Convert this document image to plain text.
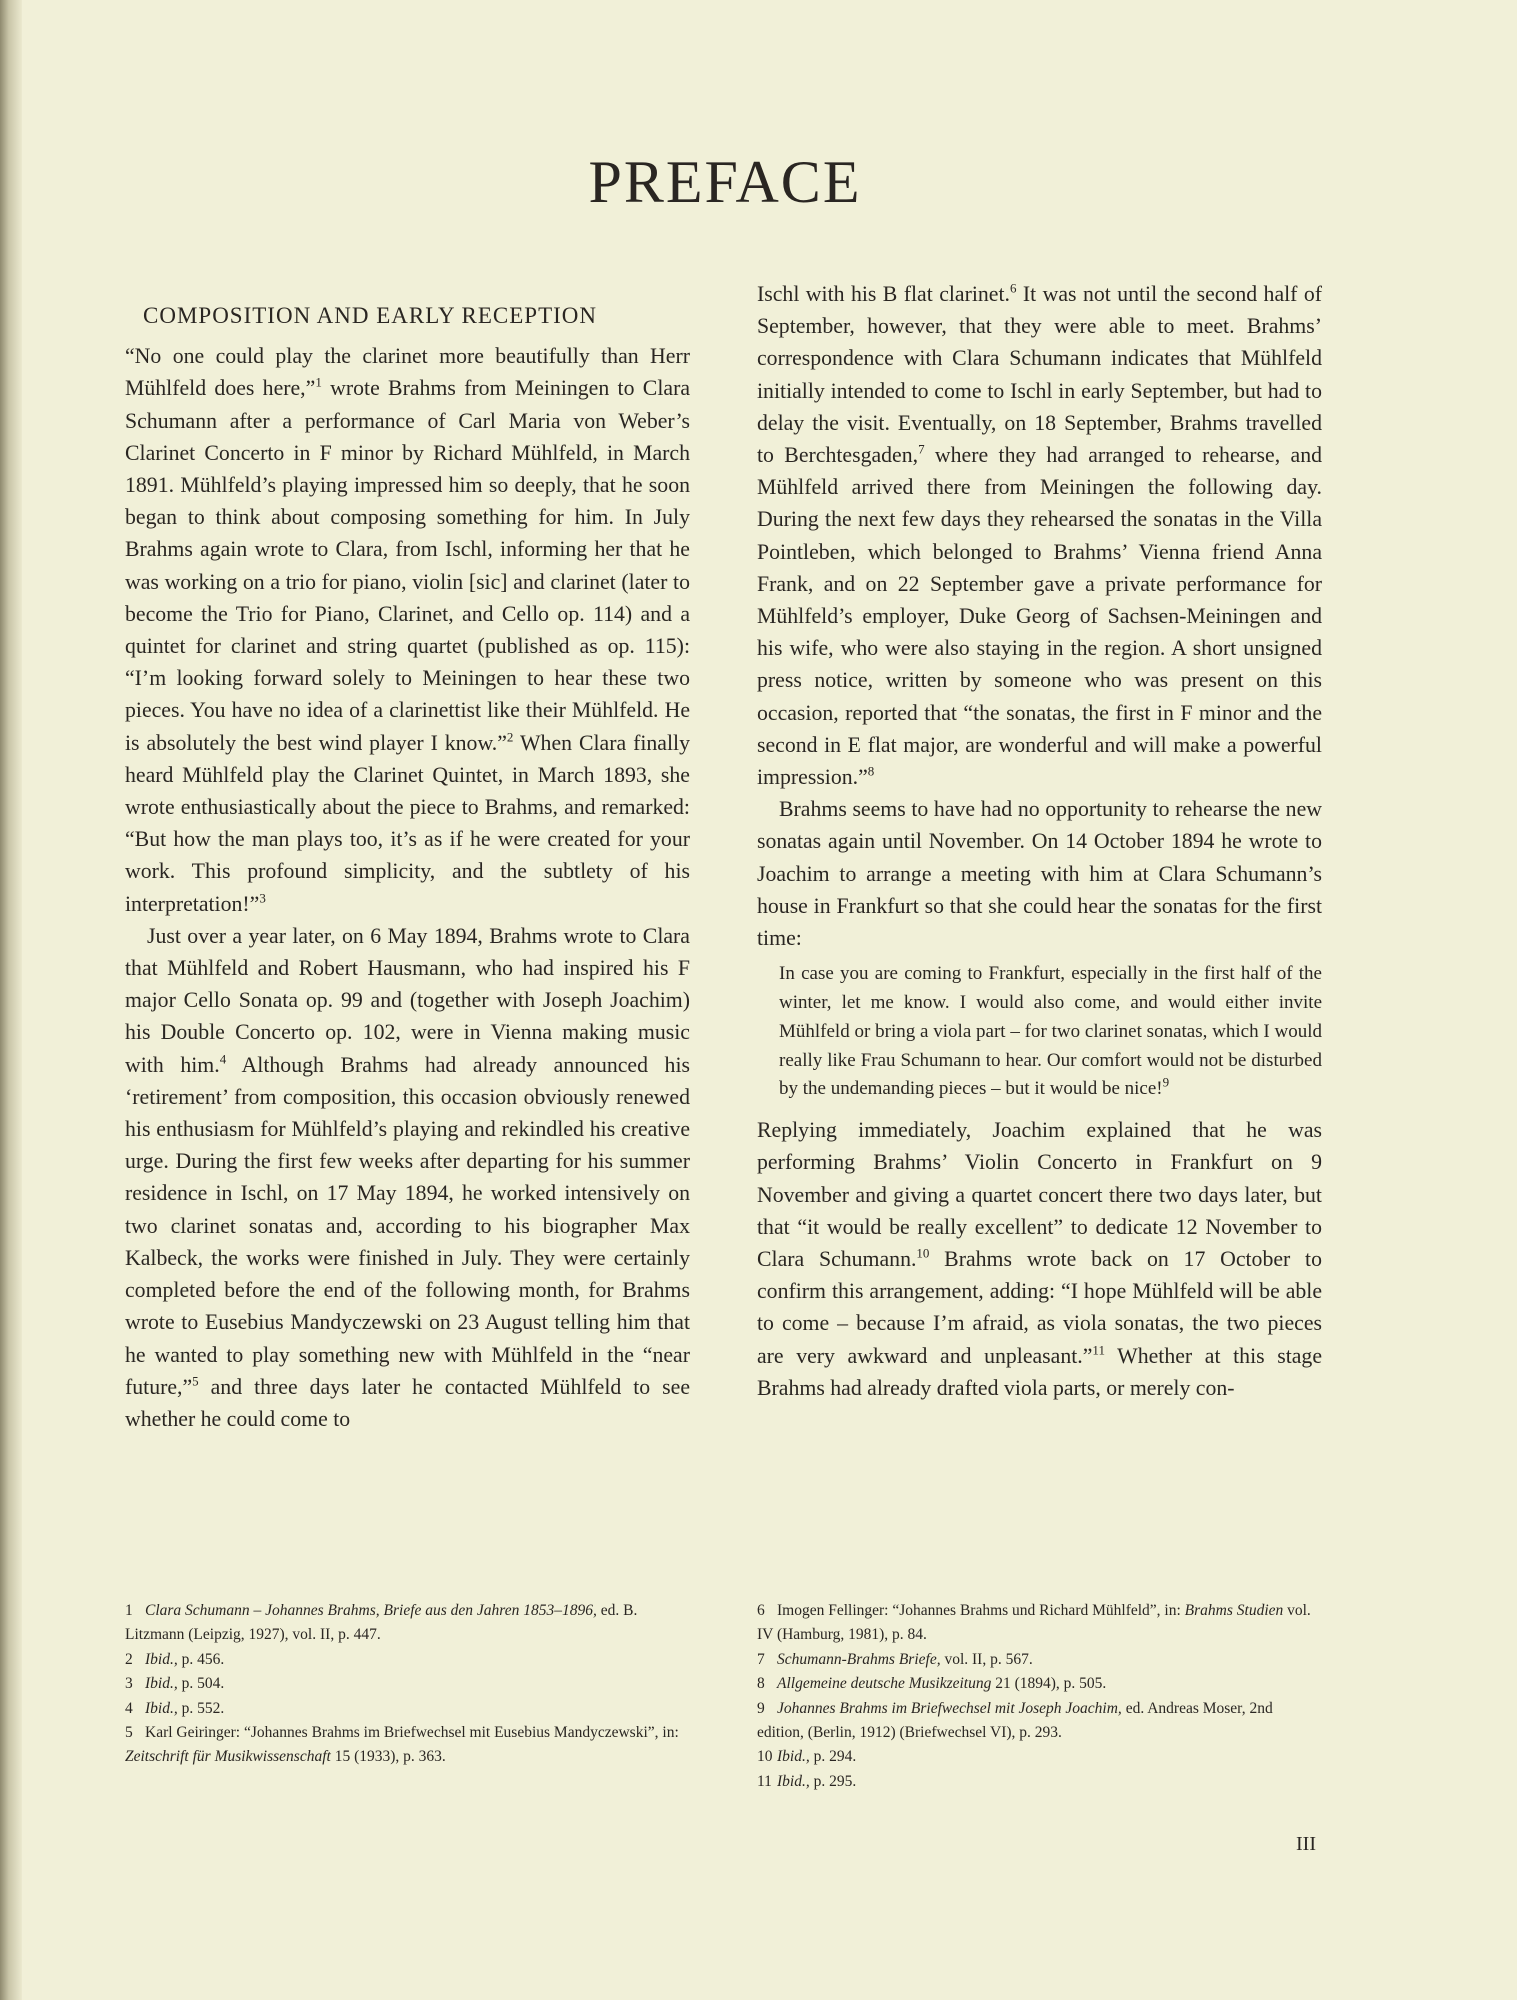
PREFACE
COMPOSITION AND EARLY RECEPTION

“No one could play the clarinet more beautifully than Herr Mühlfeld does here,”$^1$ wrote Brahms from Meiningen to Clara Schumann after a performance of Carl Maria von Weber’s Clarinet Concerto in F minor by Richard Mühlfeld, in March 1891. Mühlfeld’s playing impressed him so deeply, that he soon began to think about composing something for him. In July Brahms again wrote to Clara, from Ischl, informing her that he was working on a trio for piano, violin [sic] and clarinet (later to become the Trio for Piano, Clarinet, and Cello op. 114) and a quintet for clarinet and string quartet (published as op. 115): “I’m looking forward solely to Meiningen to hear these two pieces. You have no idea of a clarinettist like their Mühlfeld. He is absolutely the best wind player I know.”$^2$ When Clara finally heard Mühlfeld play the Clarinet Quintet, in March 1893, she wrote enthusiastically about the piece to Brahms, and remarked: “But how the man plays too, it’s as if he were created for your work. This profound simplicity, and the subtlety of his interpretation!”$^3$

Just over a year later, on 6 May 1894, Brahms wrote to Clara that Mühlfeld and Robert Hausmann, who had inspired his F major Cello Sonata op. 99 and (together with Joseph Joachim) his Double Concerto op. 102, were in Vienna making music with him.$^4$ Although Brahms had already announced his ‘retirement’ from composition, this occasion obviously renewed his enthusiasm for Mühlfeld’s playing and rekindled his creative urge. During the first few weeks after departing for his summer residence in Ischl, on 17 May 1894, he worked intensively on two clarinet sonatas and, according to his biographer Max Kalbeck, the works were finished in July. They were certainly completed before the end of the following month, for Brahms wrote to Eusebius Mandyczewski on 23 August telling him that he wanted to play something new with Mühlfeld in the “near future,”$^5$ and three days later he contacted Mühlfeld to see whether he could come to

Ischl with his B flat clarinet.$^6$ It was not until the second half of September, however, that they were able to meet. Brahms’ correspondence with Clara Schumann indicates that Mühlfeld initially intended to come to Ischl in early September, but had to delay the visit. Eventually, on 18 September, Brahms travelled to Berchtesgaden,$^7$ where they had arranged to rehearse, and Mühlfeld arrived there from Meiningen the following day. During the next few days they rehearsed the sonatas in the Villa Pointleben, which belonged to Brahms’ Vienna friend Anna Frank, and on 22 September gave a private performance for Mühlfeld’s employer, Duke Georg of Sachsen-Meiningen and his wife, who were also staying in the region. A short unsigned press notice, written by someone who was present on this occasion, reported that “the sonatas, the first in F minor and the second in E flat major, are wonderful and will make a powerful impression.”$^8$

Brahms seems to have had no opportunity to rehearse the new sonatas again until November. On 14 October 1894 he wrote to Joachim to arrange a meeting with him at Clara Schumann’s house in Frankfurt so that she could hear the sonatas for the first time:

In case you are coming to Frankfurt, especially in the first half of the winter, let me know. I would also come, and would either invite Mühlfeld or bring a viola part – for two clarinet sonatas, which I would really like Frau Schumann to hear. Our comfort would not be disturbed by the undemanding pieces – but it would be nice!$^9$

Replying immediately, Joachim explained that he was performing Brahms’ Violin Concerto in Frankfurt on 9 November and giving a quartet concert there two days later, but that “it would be really excellent” to dedicate 12 November to Clara Schumann.$^{10}$ Brahms wrote back on 17 October to confirm this arrangement, adding: “I hope Mühlfeld will be able to come – because I’m afraid, as viola sonatas, the two pieces are very awkward and unpleasant.”$^{11}$ Whether at this stage Brahms had already drafted viola parts, or merely con-

1 Clara Schumann – Johannes Brahms, Briefe aus den Jahren 1853–1896, ed. B. Litzmann (Leipzig, 1927), vol. II, p. 447.

2 Ibid., p. 456.

3 Ibid., p. 504.

4 Ibid., p. 552.

5 Karl Geiringer: “Johannes Brahms im Briefwechsel mit Eusebius Mandyczewski”, in: Zeitschrift für Musikwissenschaft 15 (1933), p. 363.

6 Imogen Fellinger: “Johannes Brahms und Richard Mühlfeld”, in: Brahms Studien vol. IV (Hamburg, 1981), p. 84.

7 Schumann-Brahms Briefe, vol. II, p. 567.

8 Allgemeine deutsche Musikzeitung 21 (1894), p. 505.

9 Johannes Brahms im Briefwechsel mit Joseph Joachim, ed. Andreas Moser, 2nd edition, (Berlin, 1912) (Briefwechsel VI), p. 293.

10 Ibid., p. 294.

11 Ibid., p. 295.

III
